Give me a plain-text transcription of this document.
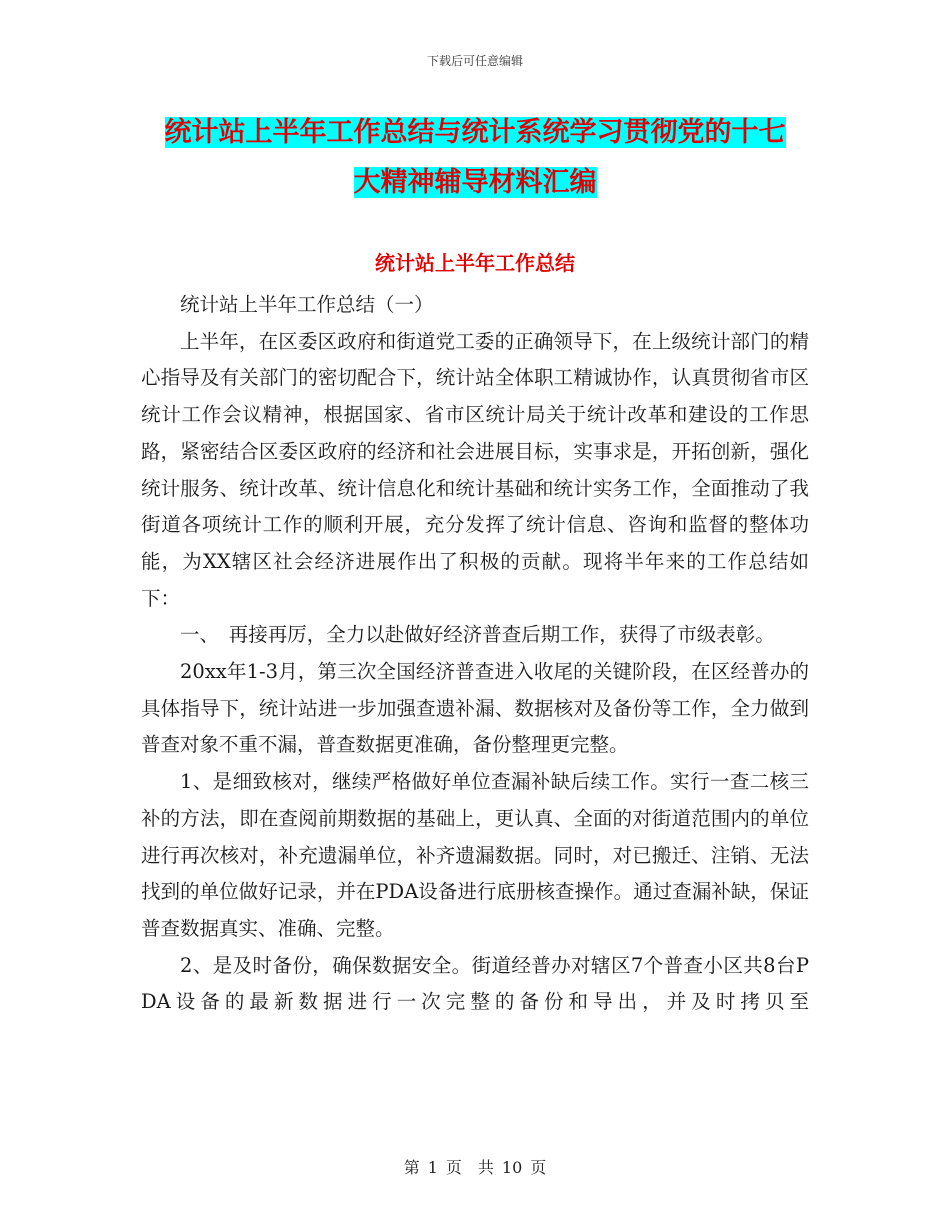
下载后可任意编辑
统计站上半年工作总结与统计系统学习贯彻党的十七
大精神辅导材料汇编
统计站上半年工作总结

统计站上半年工作总结（一）

上半年，在区委区政府和街道党工委的正确领导下，在上级统计部门的精心指导及有关部门的密切配合下，统计站全体职工精诚协作，认真贯彻省市区统计工作会议精神，根据国家、省市区统计局关于统计改革和建设的工作思路，紧密结合区委区政府的经济和社会进展目标，实事求是，开拓创新，强化统计服务、统计改革、统计信息化和统计基础和统计实务工作，全面推动了我街道各项统计工作的顺利开展，充分发挥了统计信息、咨询和监督的整体功能，为XX辖区社会经济进展作出了积极的贡献。现将半年来的工作总结如下：

一、　再接再厉，全力以赴做好经济普查后期工作，获得了市级表彰。

20xx年1-3月，第三次全国经济普查进入收尾的关键阶段，在区经普办的具体指导下，统计站进一步加强查遗补漏、数据核对及备份等工作，全力做到普查对象不重不漏，普查数据更准确，备份整理更完整。

1、是细致核对，继续严格做好单位查漏补缺后续工作。实行一查二核三补的方法，即在查阅前期数据的基础上，更认真、全面的对街道范围内的单位进行再次核对，补充遗漏单位，补齐遗漏数据。同时，对已搬迁、注销、无法找到的单位做好记录，并在PDA设备进行底册核查操作。通过查漏补缺，保证普查数据真实、准确、完整。

2、是及时备份，确保数据安全。街道经普办对辖区7个普查小区共8台PDA设备的最新数据进行一次完整的备份和导出，并及时拷贝至

第 1 页　共 10 页
